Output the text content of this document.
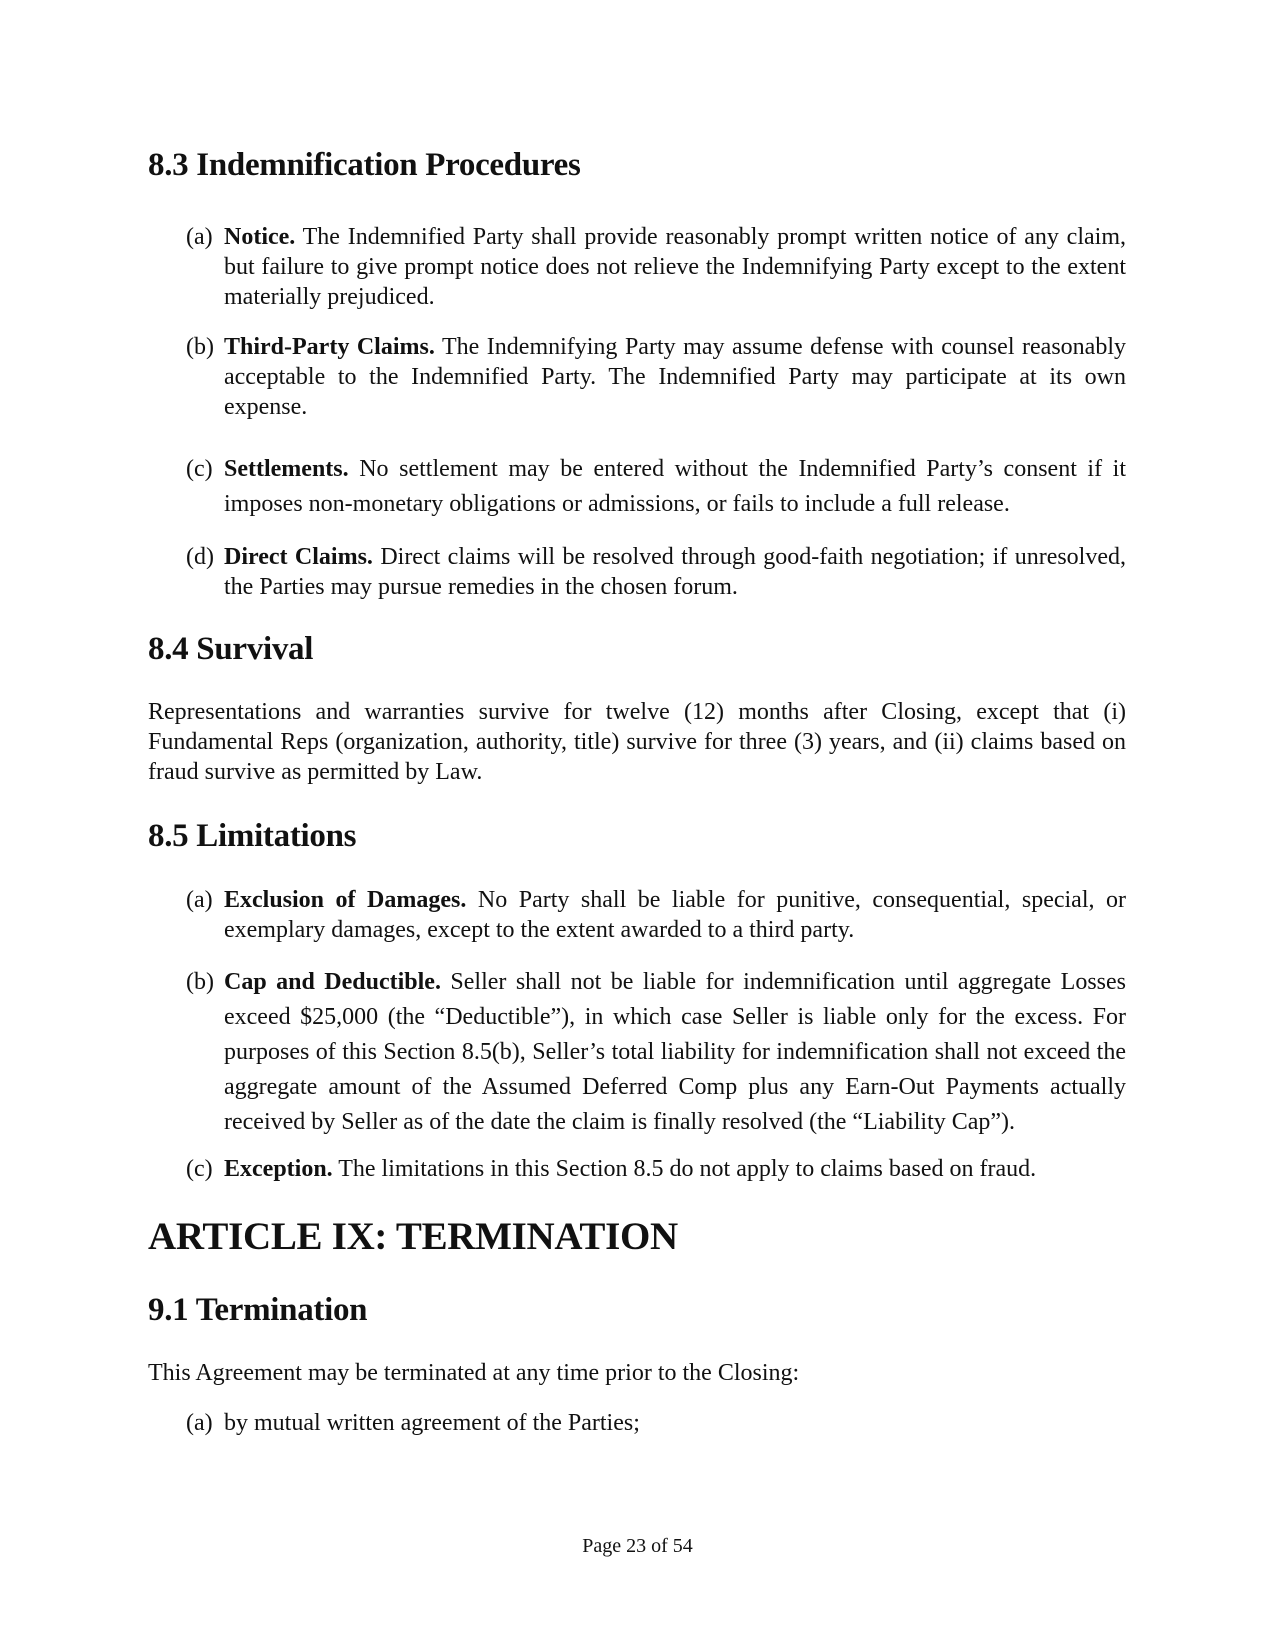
8.3 Indemnification Procedures
(a) Notice. The Indemnified Party shall provide reasonably prompt written notice of any claim, but failure to give prompt notice does not relieve the Indemnifying Party except to the extent materially prejudiced.
(b) Third-Party Claims. The Indemnifying Party may assume defense with counsel reasonably acceptable to the Indemnified Party. The Indemnified Party may participate at its own expense.
(c) Settlements. No settlement may be entered without the Indemnified Party’s consent if it imposes non-monetary obligations or admissions, or fails to include a full release.
(d) Direct Claims. Direct claims will be resolved through good-faith negotiation; if unresolved, the Parties may pursue remedies in the chosen forum.
8.4 Survival

Representations and warranties survive for twelve (12) months after Closing, except that (i) Fundamental Reps (organization, authority, title) survive for three (3) years, and (ii) claims based on fraud survive as permitted by Law.

8.5 Limitations
(a) Exclusion of Damages. No Party shall be liable for punitive, consequential, special, or exemplary damages, except to the extent awarded to a third party.
(b) Cap and Deductible. Seller shall not be liable for indemnification until aggregate Losses exceed $25,000 (the “Deductible”), in which case Seller is liable only for the excess. For purposes of this Section 8.5(b), Seller’s total liability for indemnification shall not exceed the aggregate amount of the Assumed Deferred Comp plus any Earn-Out Payments actually received by Seller as of the date the claim is finally resolved (the “Liability Cap”).
(c) Exception. The limitations in this Section 8.5 do not apply to claims based on fraud.
ARTICLE IX: TERMINATION
9.1 Termination

This Agreement may be terminated at any time prior to the Closing:

(a) by mutual written agreement of the Parties;
Page 23 of 54
